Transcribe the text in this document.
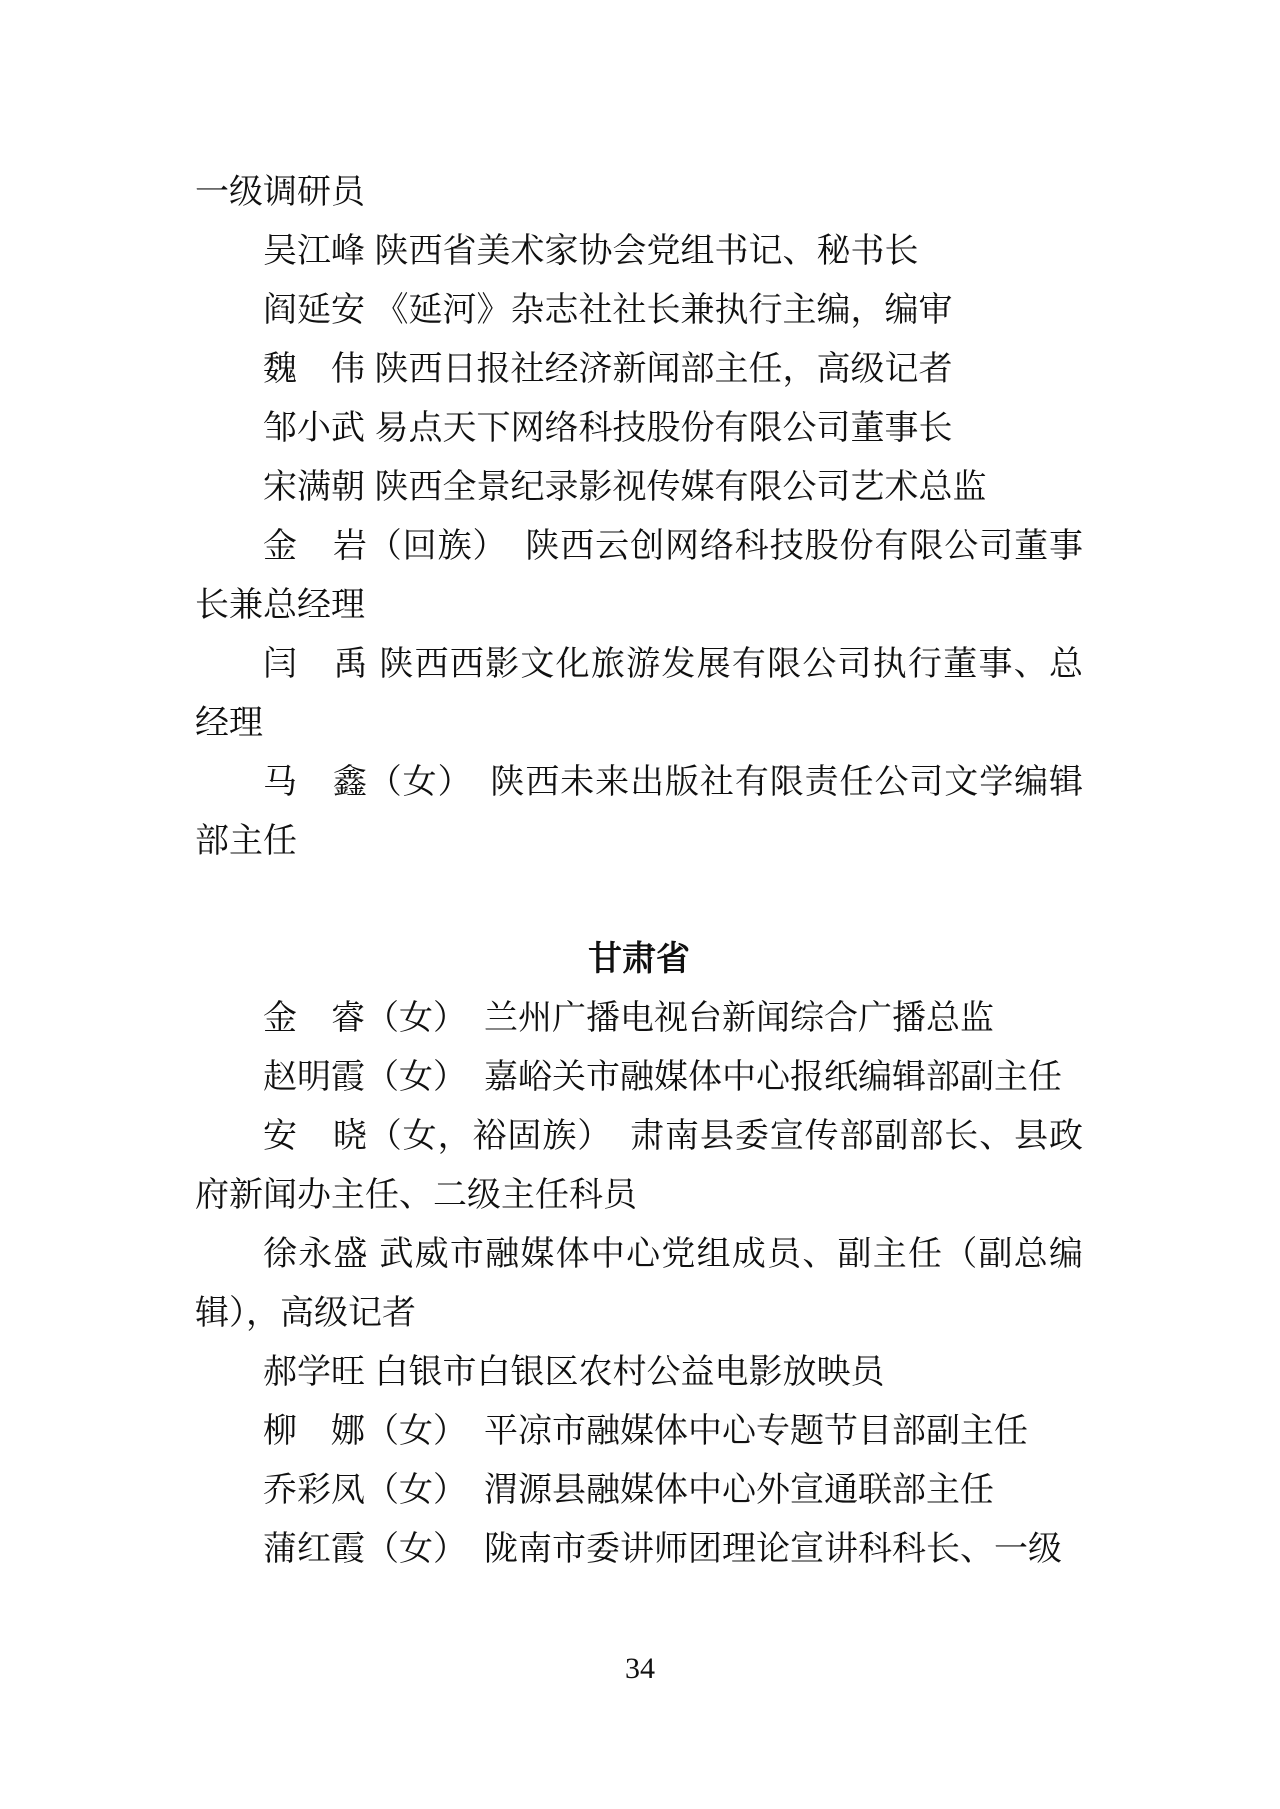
一级调研员

吴江峰 陕西省美术家协会党组书记、秘书长

阎延安 《延河》杂志社社长兼执行主编，编审

魏　伟 陕西日报社经济新闻部主任，高级记者

邹小武 易点天下网络科技股份有限公司董事长

宋满朝 陕西全景纪录影视传媒有限公司艺术总监

金　岩（回族）　 陕西云创网络科技股份有限公司董事长兼总经理

闫　禹 陕西西影文化旅游发展有限公司执行董事、总经理

马　鑫（女）　 陕西未来出版社有限责任公司文学编辑部主任

甘肃省

金　睿（女）　 兰州广播电视台新闻综合广播总监

赵明霞（女）　 嘉峪关市融媒体中心报纸编辑部副主任

安　晓（女，裕固族）　 肃南县委宣传部副部长、县政府新闻办主任、二级主任科员

徐永盛 武威市融媒体中心党组成员、副主任（副总编辑），高级记者

郝学旺 白银市白银区农村公益电影放映员

柳　娜（女）　 平凉市融媒体中心专题节目部副主任

乔彩凤（女）　 渭源县融媒体中心外宣通联部主任

蒲红霞（女）　 陇南市委讲师团理论宣讲科科长、一级

34
